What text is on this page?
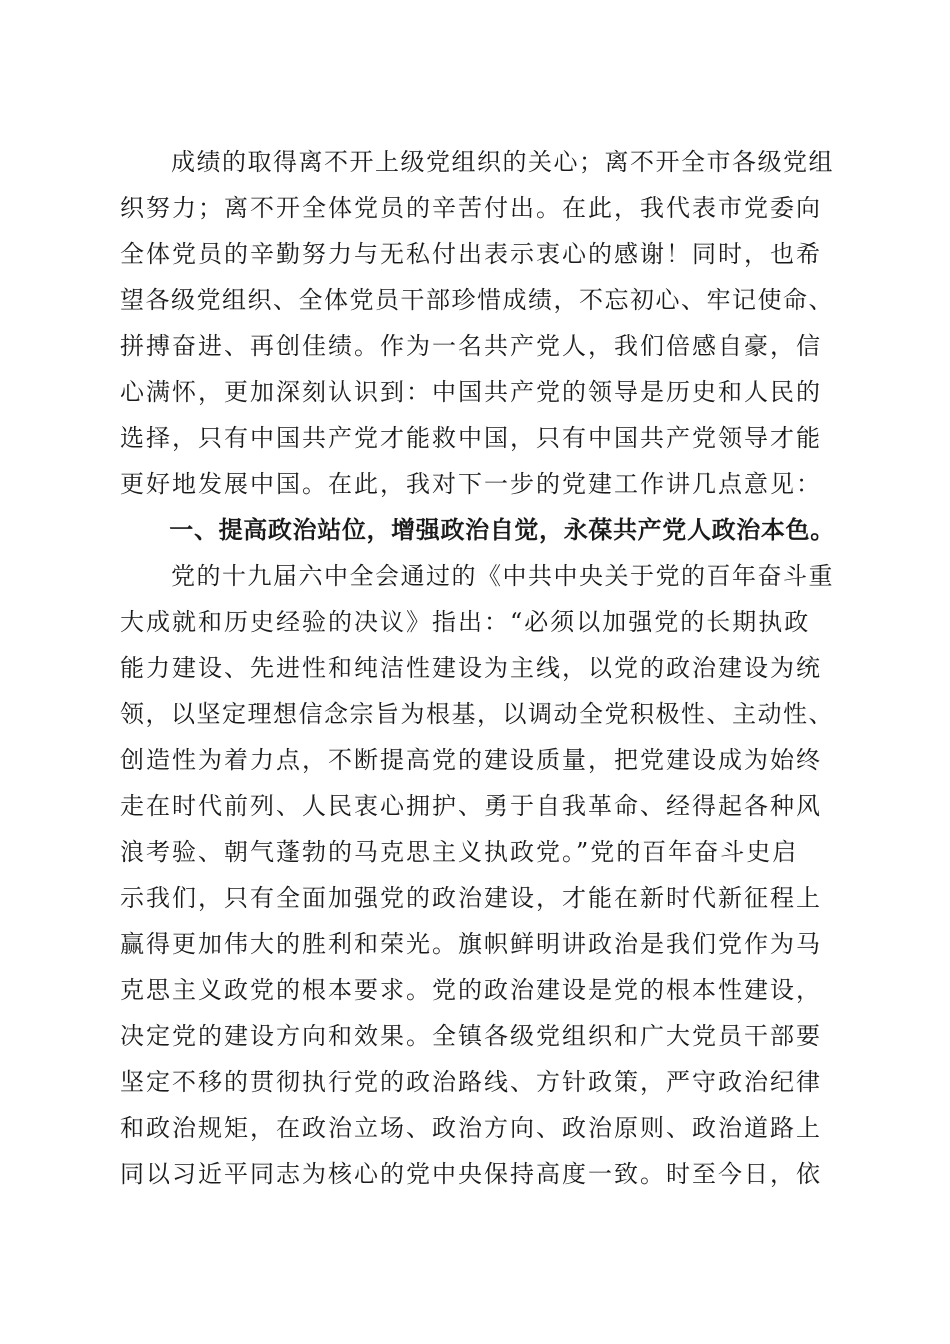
　　成绩的取得离不开上级党组织的关心；离不开全市各级党组
织努力；离不开全体党员的辛苦付出。在此，我代表市党委向
全体党员的辛勤努力与无私付出表示衷心的感谢！同时，也希
望各级党组织、全体党员干部珍惜成绩，不忘初心、牢记使命、
拼搏奋进、再创佳绩。作为一名共产党人，我们倍感自豪，信
心满怀，更加深刻认识到：中国共产党的领导是历史和人民的
选择，只有中国共产党才能救中国，只有中国共产党领导才能
更好地发展中国。在此，我对下一步的党建工作讲几点意见：
　　一、提高政治站位，增强政治自觉，永葆共产党人政治本色。
　　党的十九届六中全会通过的《中共中央关于党的百年奋斗重
大成就和历史经验的决议》指出：“必须以加强党的长期执政
能力建设、先进性和纯洁性建设为主线，以党的政治建设为统
领，以坚定理想信念宗旨为根基，以调动全党积极性、主动性、
创造性为着力点，不断提高党的建设质量，把党建设成为始终
走在时代前列、人民衷心拥护、勇于自我革命、经得起各种风
浪考验、朝气蓬勃的马克思主义执政党。”党的百年奋斗史启
示我们，只有全面加强党的政治建设，才能在新时代新征程上
赢得更加伟大的胜利和荣光。旗帜鲜明讲政治是我们党作为马
克思主义政党的根本要求。党的政治建设是党的根本性建设，
决定党的建设方向和效果。全镇各级党组织和广大党员干部要
坚定不移的贯彻执行党的政治路线、方针政策，严守政治纪律
和政治规矩，在政治立场、政治方向、政治原则、政治道路上
同以习近平同志为核心的党中央保持高度一致。时至今日，依
